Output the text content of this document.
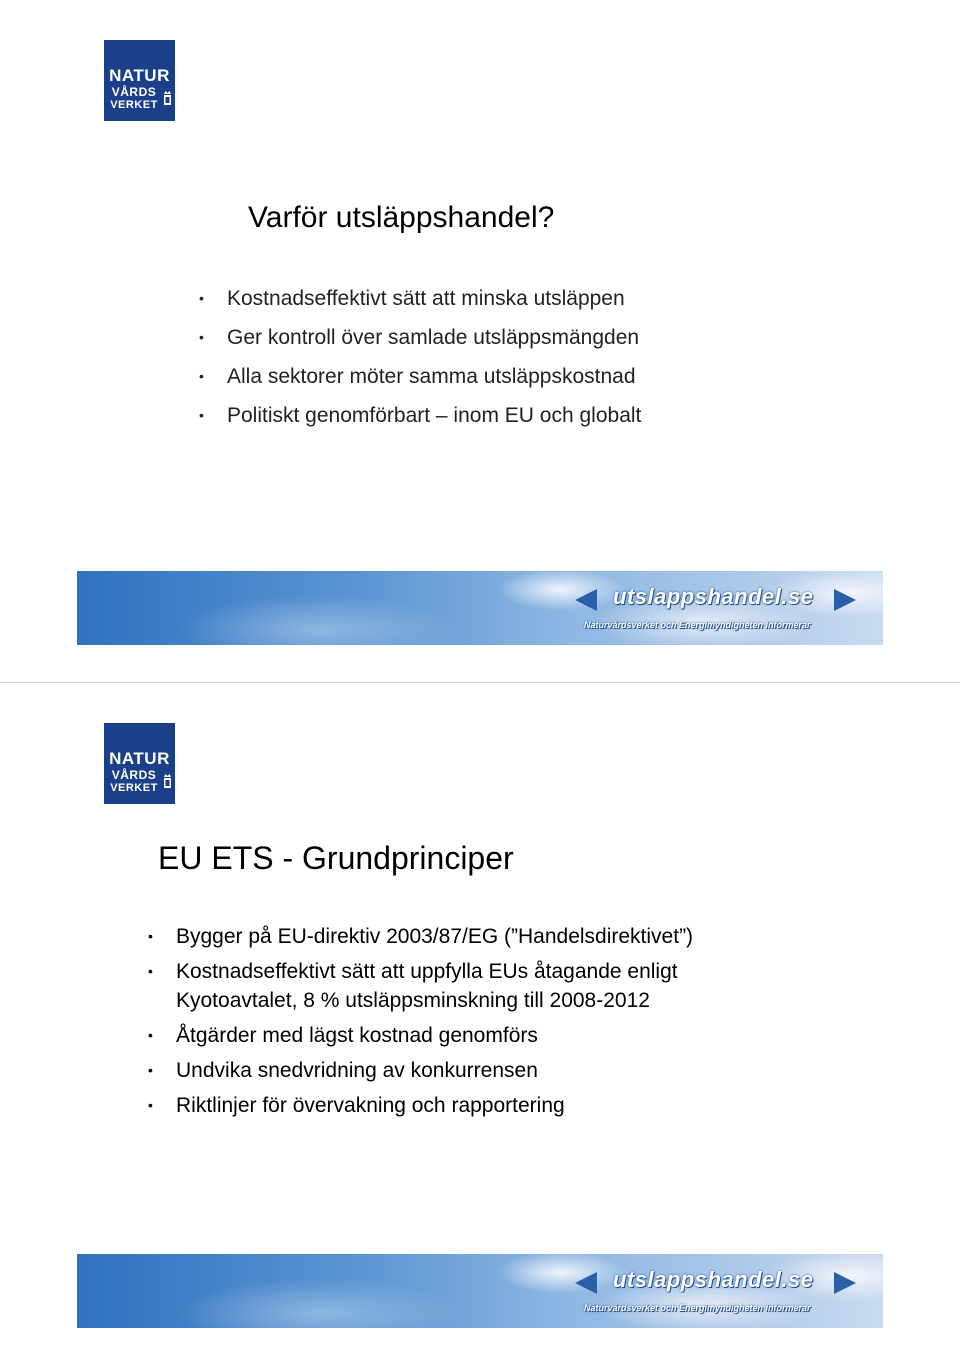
NATUR
VÅRDS
VERKET
Varför utsläppshandel?
• Kostnadseffektivt sätt att minska utsläppen
• Ger kontroll över samlade utsläppsmängden
• Alla sektorer möter samma utsläppskostnad
• Politiskt genomförbart – inom EU och globalt
utslappshandel.se
Naturvårdsverket och Energimyndigheten informerar
NATUR
VÅRDS
VERKET
EU ETS - Grundprinciper
• Bygger på EU-direktiv 2003/87/EG (”Handelsdirektivet”)
• Kostnadseffektivt sätt att uppfylla EUs åtagande enligt
Kyotoavtalet, 8 % utsläppsminskning till 2008-2012
• Åtgärder med lägst kostnad genomförs
• Undvika snedvridning av konkurrensen
• Riktlinjer för övervakning och rapportering
utslappshandel.se
Naturvårdsverket och Energimyndigheten informerar
